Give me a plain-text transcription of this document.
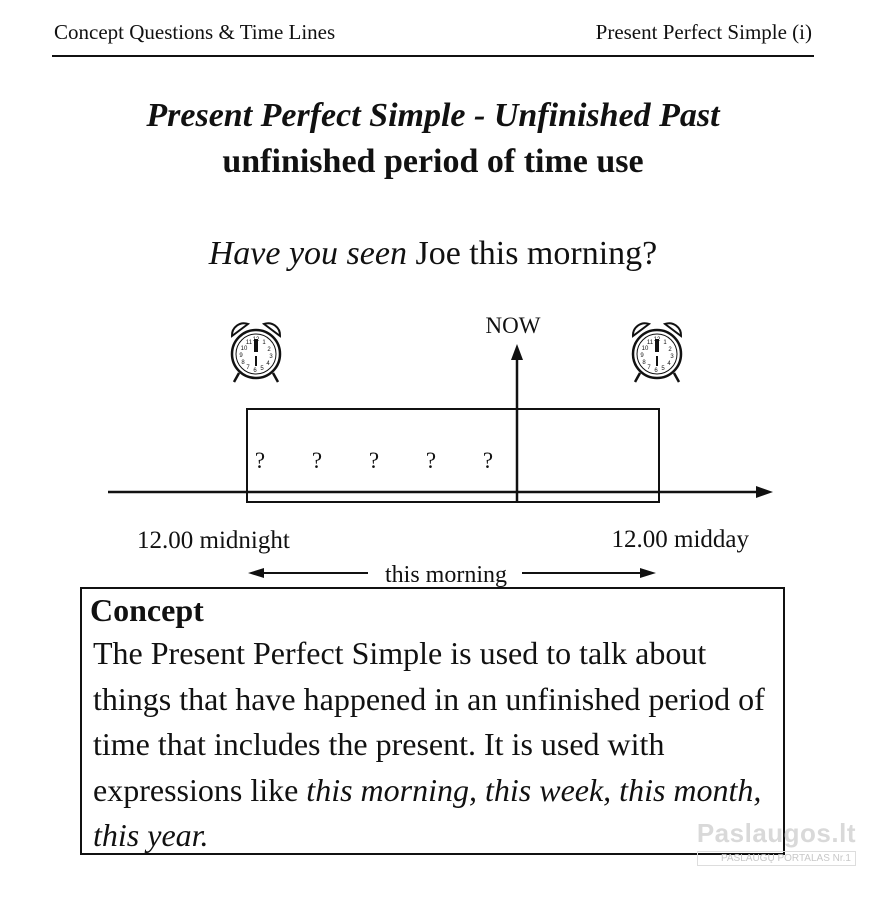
Concept Questions & Time Lines	Present Perfect Simple (i)
Present Perfect Simple - Unfinished Past
unfinished period of time use
Have you seen Joe this morning?
12 1
2
3
4
5
6
7
8
9
10
11	12 1
2
3
4
5
6
7
8
9
10
11
NOW
? ? ? ? ?
12.00 midnight	12.00 midday
this morning
Concept
The Present Perfect Simple is used to talk about things that have happened in an unfinished period of time that includes the present. It is used with expressions like this morning, this week, this month, this year.	Paslaugos.lt
PASLAUGŲ PORTALAS Nr.1
